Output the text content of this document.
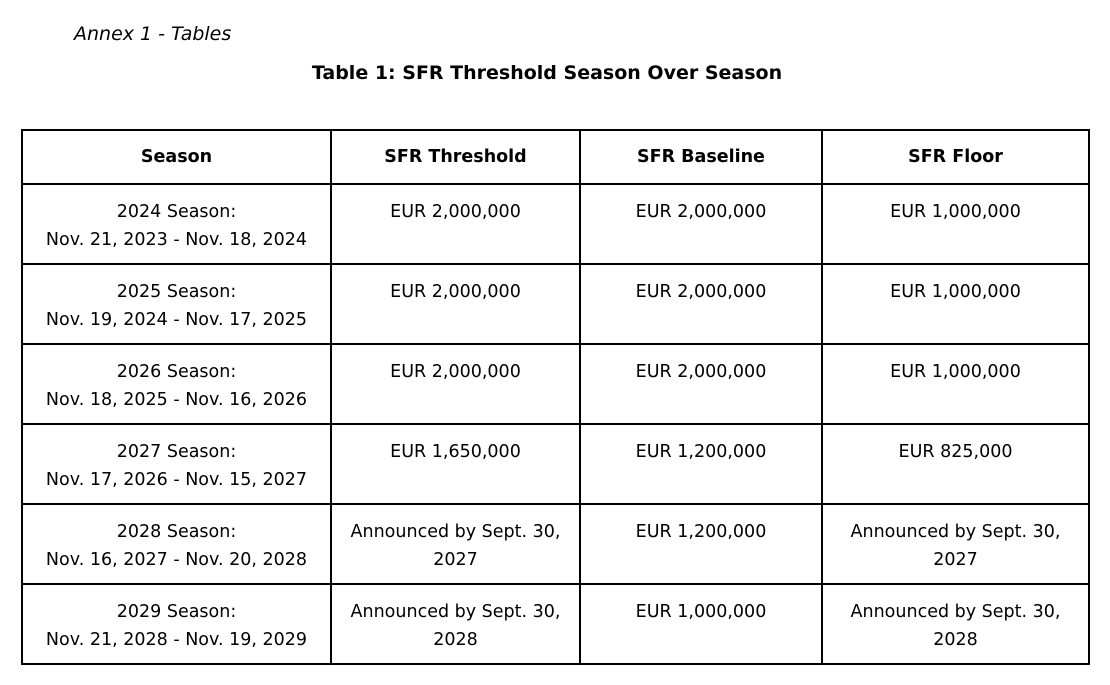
Annex 1 - Tables
Table 1: SFR Threshold Season Over Season
Season	SFR Threshold	SFR Baseline	SFR Floor

2024 Season:
Nov. 21, 2023 - Nov. 18, 2024	EUR 2,000,000	EUR 2,000,000	EUR 1,000,000

2025 Season:
Nov. 19, 2024 - Nov. 17, 2025	EUR 2,000,000	EUR 2,000,000	EUR 1,000,000

2026 Season:
Nov. 18, 2025 - Nov. 16, 2026	EUR 2,000,000	EUR 2,000,000	EUR 1,000,000

2027 Season:
Nov. 17, 2026 - Nov. 15, 2027	EUR 1,650,000	EUR 1,200,000	EUR 825,000

2028 Season:
Nov. 16, 2027 - Nov. 20, 2028	Announced by Sept. 30,
2027	EUR 1,200,000	Announced by Sept. 30,
2027

2029 Season:
Nov. 21, 2028 - Nov. 19, 2029	Announced by Sept. 30,
2028	EUR 1,000,000	Announced by Sept. 30,
2028
